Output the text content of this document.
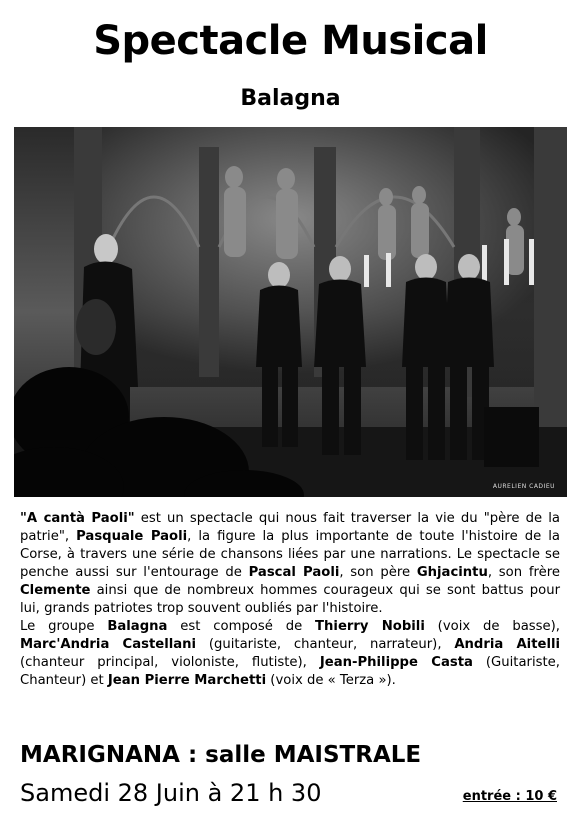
Spectacle Musical
Balagna
AURELIEN CADIEU

"A cantà Paoli" est un spectacle qui nous fait traverser la vie du "père de la patrie", Pasquale Paoli, la figure la plus importante de toute l'histoire de la Corse, à travers une série de chansons liées par une narrations. Le spectacle se penche aussi sur l'entourage de Pascal Paoli, son père Ghjacintu, son frère Clemente ainsi que de nombreux hommes courageux qui se sont battus pour lui, grands patriotes trop souvent oubliés par l'histoire.

Le groupe Balagna est composé de Thierry Nobili (voix de basse), Marc'Andria Castellani (guitariste, chanteur, narrateur), Andria Aitelli (chanteur principal, violoniste, flutiste), Jean-Philippe Casta (Guitariste, Chanteur) et Jean Pierre Marchetti (voix de « Terza »).

MARIGNANA : salle MAISTRALE
Samedi 28 Juin à 21 h 30	entrée : 10 €
